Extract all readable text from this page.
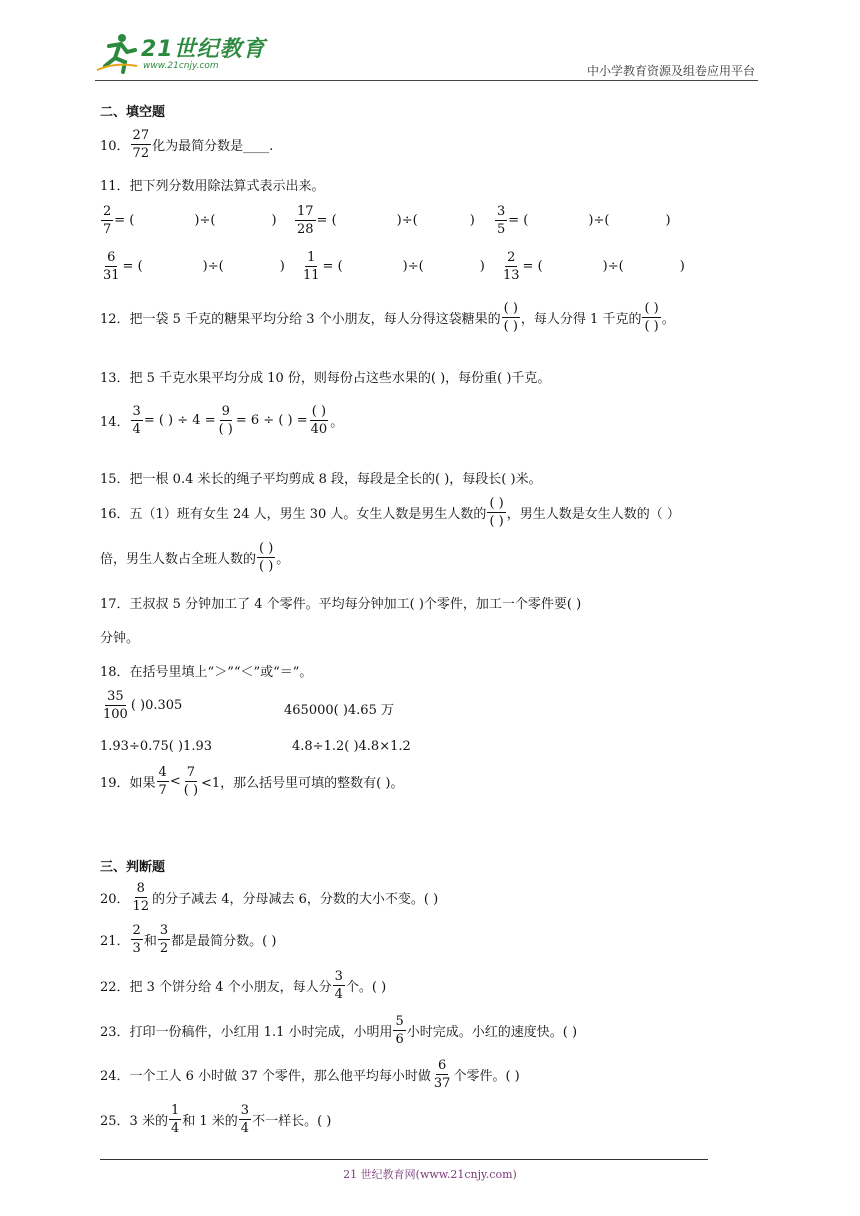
21世纪教育
www.21cnjy.com	中小学教育资源及组卷应用平台
二、填空题
10． $\frac{27}{72}$ 化为最简分数是____.
11．把下列分数用除法算式表示出来。
$\frac{2}{7}$ = (	)÷(	) $\frac{17}{28}$ = (	)÷(	) $\frac{3}{5}$ = (	)÷(	)
$\frac{6}{31}$ = (	)÷(	) $\frac{1}{11}$ = (	)÷(	) $\frac{2}{13}$ = (	)÷(	)
12．把一袋 5 千克的糖果平均分给 3 个小朋友，每人分得这袋糖果的 $\frac{( )}{( )}$ ，每人分得 1 千克的 $\frac{( )}{( )}$ 。
13．把 5 千克水果平均分成 10 份，则每份占这些水果的( )，每份重( )千克。
14． $\frac{3}{4}$ = ( ) ÷ $4 = \frac{9}{( )} = 6$ ÷ ( ) = $\frac{( )}{40}$ 。
15．把一根 0.4 米长的绳子平均剪成 8 段，每段是全长的( )，每段长( )米。
16．五（1）班有女生 24 人，男生 30 人。女生人数是男生人数的 $\frac{( )}{( )}$ ，男生人数是女生人数的（ ）
倍，男生人数占全班人数的 $\frac{( )}{( )}$ 。
17．王叔叔 5 分钟加工了 4 个零件。平均每分钟加工( )个零件，加工一个零件要( )
分钟。
18．在括号里填上“＞”“＜”或“＝”。
$\frac{35}{100}$ ( )0.305	465000( )4.65 万
1.93÷0.75( )1.93	4.8÷1.2( )4.8×1.2
19．如果 $\frac{4}{7} < \frac{7}{( )} <1$，那么括号里可填的整数有( )。
三、判断题
20． $\frac{8}{12}$ 的分子减去 4，分母减去 6，分数的大小不变。( )
21． $\frac{2}{3}$ 和 $\frac{3}{2}$ 都是最简分数。( )
22．把 3 个饼分给 4 个小朋友，每人分 $\frac{3}{4}$ 个。( )
23．打印一份稿件，小红用 1.1 小时完成，小明用 $\frac{5}{6}$ 小时完成。小红的速度快。( )
24．一个工人 6 小时做 37 个零件，那么他平均每小时做 $\frac{6}{37}$ 个零件。( )
25．3 米的 $\frac{1}{4}$ 和 1 米的 $\frac{3}{4}$ 不一样长。( )
21 世纪教育网(www.21cnjy.com)
